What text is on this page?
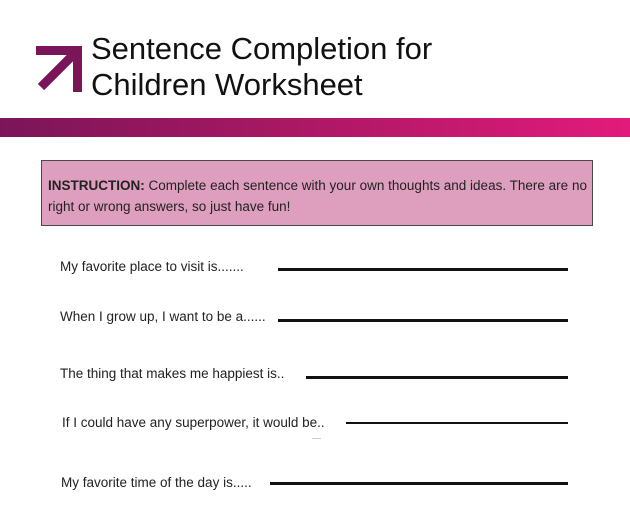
Sentence Completion for
Children Worksheet
INSTRUCTION: Complete each sentence with your own thoughts and ideas. There are no right or wrong answers, so just have fun!
My favorite place to visit is.......
When I grow up, I want to be a......
The thing that makes me happiest is..
If I could have any superpower, it would be..
My favorite time of the day is.....
